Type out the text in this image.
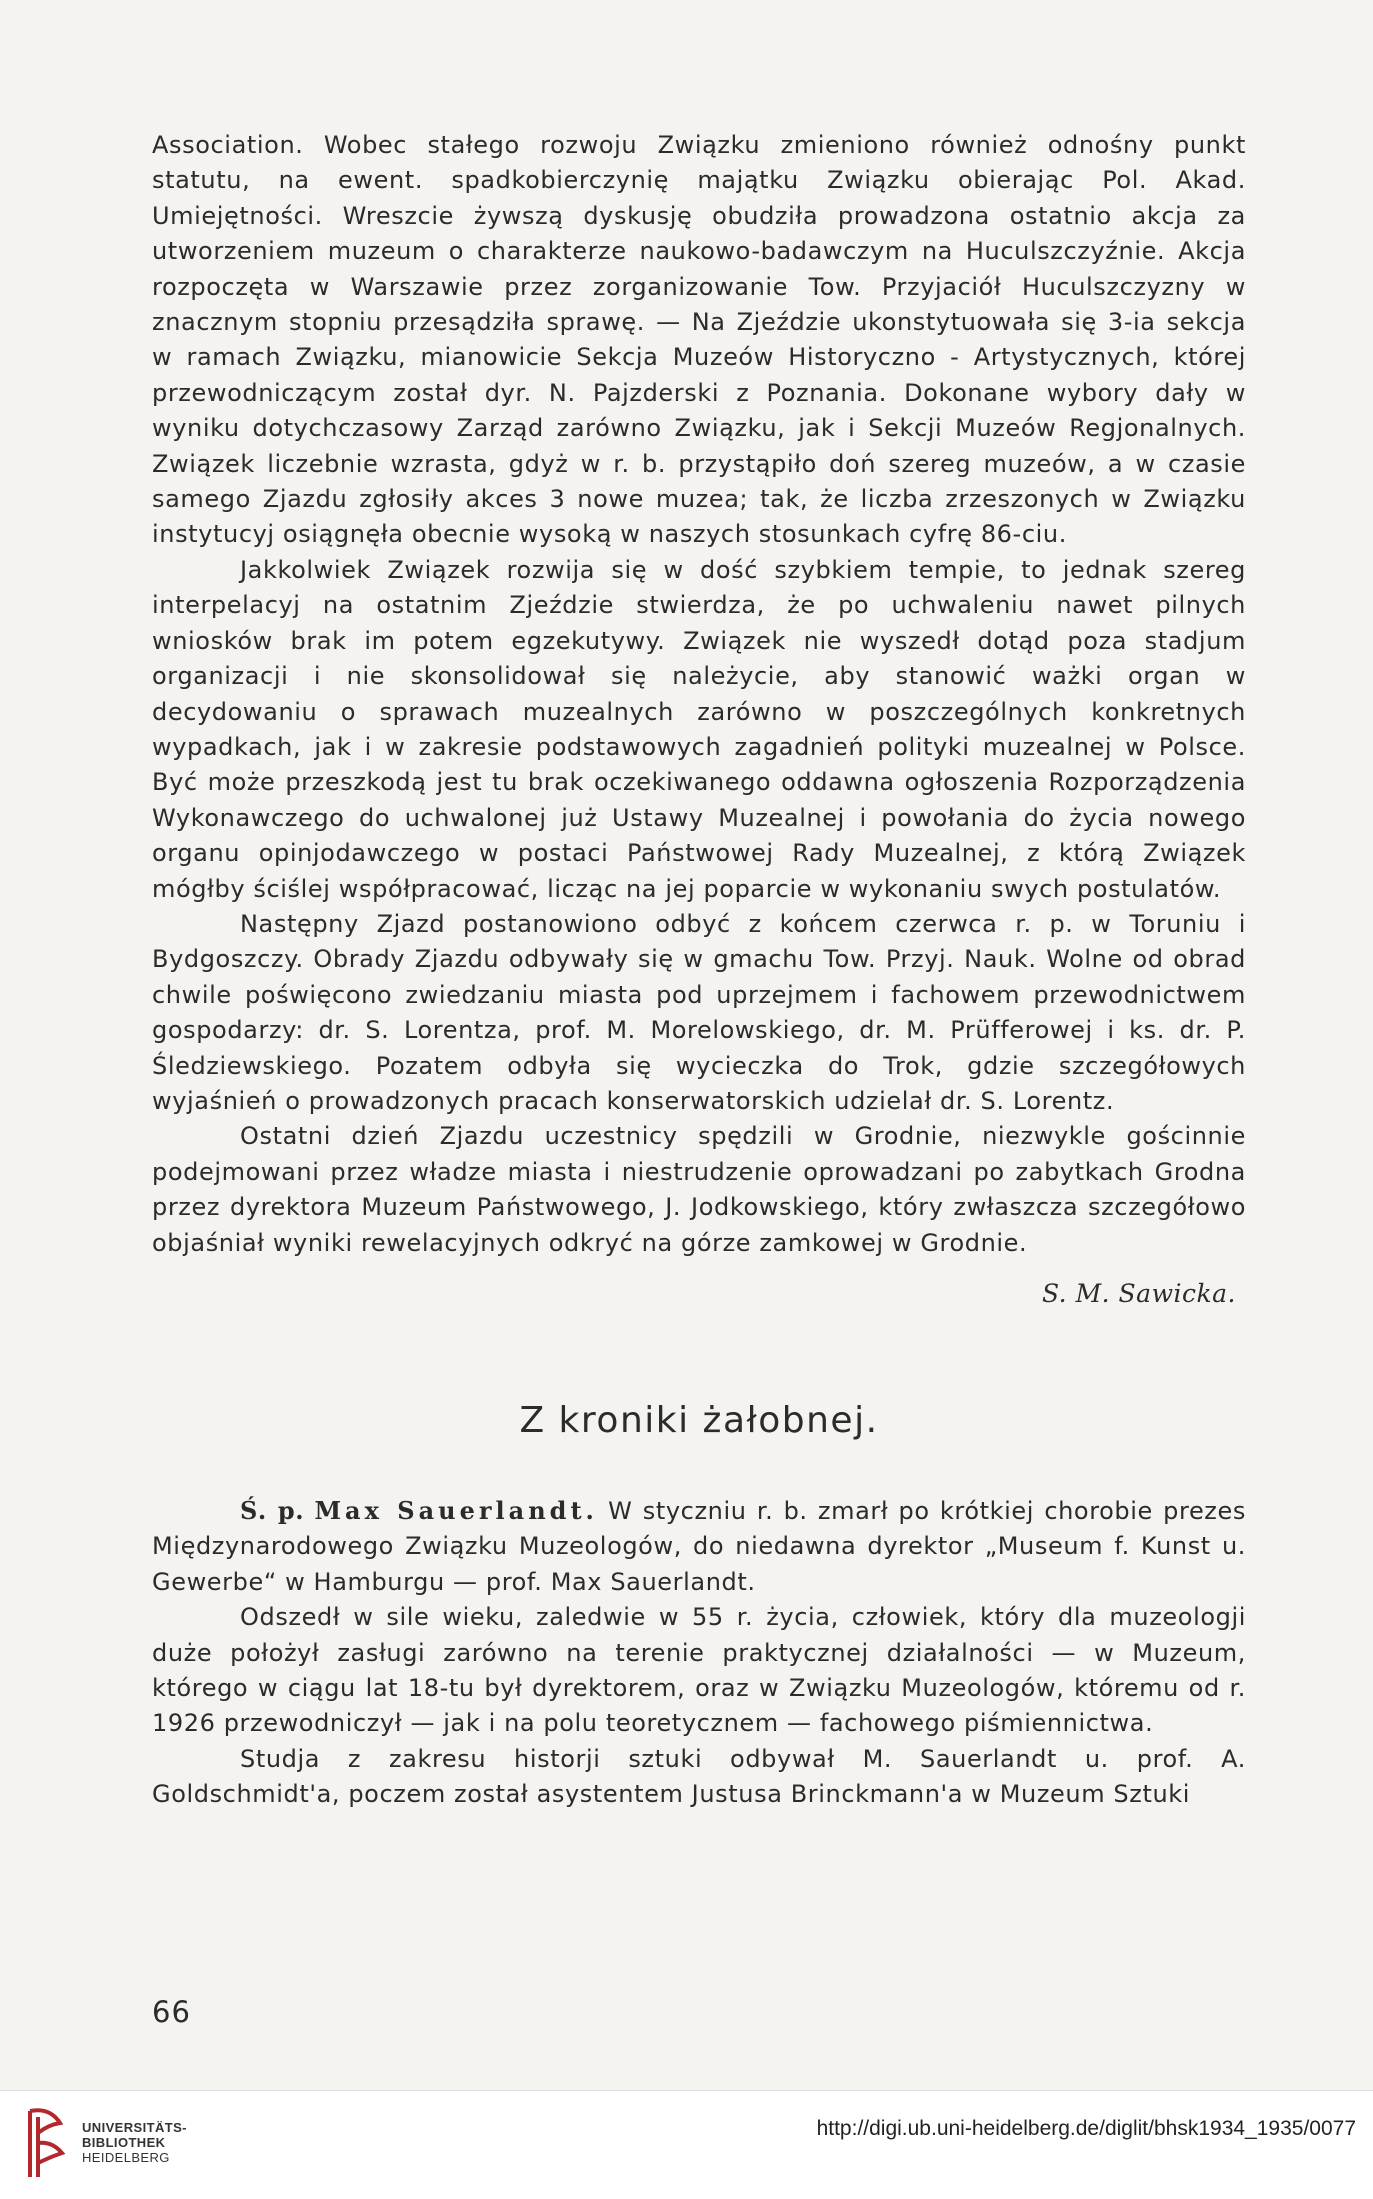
Association. Wobec stałego rozwoju Związku zmieniono również odnośny punkt statutu, na ewent. spadkobierczynię majątku Związku obierając Pol. Akad. Umiejętności. Wreszcie żywszą dyskusję obudziła prowadzona ostatnio akcja za utworzeniem muzeum o charakterze naukowo-badawczym na Huculszczyźnie. Akcja rozpoczęta w Warszawie przez zorganizowanie Tow. Przyjaciół Huculszczyzny w znacznym stopniu przesądziła sprawę. — Na Zjeździe ukonstytuowała się 3-ia sekcja w ramach Związku, mianowicie Sekcja Muzeów Historyczno - Artystycznych, której przewodniczącym został dyr. N. Pajzderski z Poznania. Dokonane wybory dały w wyniku dotychczasowy Zarząd zarówno Związku, jak i Sekcji Muzeów Regjonalnych. Związek liczebnie wzrasta, gdyż w r. b. przystąpiło doń szereg muzeów, a w czasie samego Zjazdu zgłosiły akces 3 nowe muzea; tak, że liczba zrzeszonych w Związku instytucyj osiągnęła obecnie wysoką w naszych stosunkach cyfrę 86-ciu.

Jakkolwiek Związek rozwija się w dość szybkiem tempie, to jednak szereg interpelacyj na ostatnim Zjeździe stwierdza, że po uchwaleniu nawet pilnych wniosków brak im potem egzekutywy. Związek nie wyszedł dotąd poza stadjum organizacji i nie skonsolidował się należycie, aby stanowić ważki organ w decydowaniu o sprawach muzealnych zarówno w poszczególnych konkretnych wypadkach, jak i w zakresie podstawowych zagadnień polityki muzealnej w Polsce. Być może przeszkodą jest tu brak oczekiwanego oddawna ogłoszenia Rozporządzenia Wykonawczego do uchwalonej już Ustawy Muzealnej i powołania do życia nowego organu opinjodawczego w postaci Państwowej Rady Muzealnej, z którą Związek mógłby ściślej współpracować, licząc na jej poparcie w wykonaniu swych postulatów.

Następny Zjazd postanowiono odbyć z końcem czerwca r. p. w Toruniu i Bydgoszczy. Obrady Zjazdu odbywały się w gmachu Tow. Przyj. Nauk. Wolne od obrad chwile poświęcono zwiedzaniu miasta pod uprzejmem i fachowem przewodnictwem gospodarzy: dr. S. Lorentza, prof. M. Morelowskiego, dr. M. Prüfferowej i ks. dr. P. Śledziewskiego. Pozatem odbyła się wycieczka do Trok, gdzie szczegółowych wyjaśnień o prowadzonych pracach konserwatorskich udzielał dr. S. Lorentz.

Ostatni dzień Zjazdu uczestnicy spędzili w Grodnie, niezwykle gościnnie podejmowani przez władze miasta i niestrudzenie oprowadzani po zabytkach Grodna przez dyrektora Muzeum Państwowego, J. Jodkowskiego, który zwłaszcza szczegółowo objaśniał wyniki rewelacyjnych odkryć na górze zamkowej w Grodnie.

S. M. Sawicka.

Z kroniki żałobnej.

Ś. p. Max Sauerlandt. W styczniu r. b. zmarł po krótkiej chorobie prezes Międzynarodowego Związku Muzeologów, do niedawna dyrektor „Museum f. Kunst u. Gewerbe“ w Hamburgu — prof. Max Sauerlandt.

Odszedł w sile wieku, zaledwie w 55 r. życia, człowiek, który dla muzeologji duże położył zasługi zarówno na terenie praktycznej działalności — w Muzeum, którego w ciągu lat 18-tu był dyrektorem, oraz w Związku Muzeologów, któremu od r. 1926 przewodniczył — jak i na polu teoretycznem — fachowego piśmiennictwa.

Studja z zakresu historji sztuki odbywał M. Sauerlandt u. prof. A. Goldschmidt'a, poczem został asystentem Justusa Brinckmann'a w Muzeum Sztuki

66
UNIVERSITÄTS-
BIBLIOTHEK
HEIDELBERG
http://digi.ub.uni-heidelberg.de/diglit/bhsk1934_1935/0077
